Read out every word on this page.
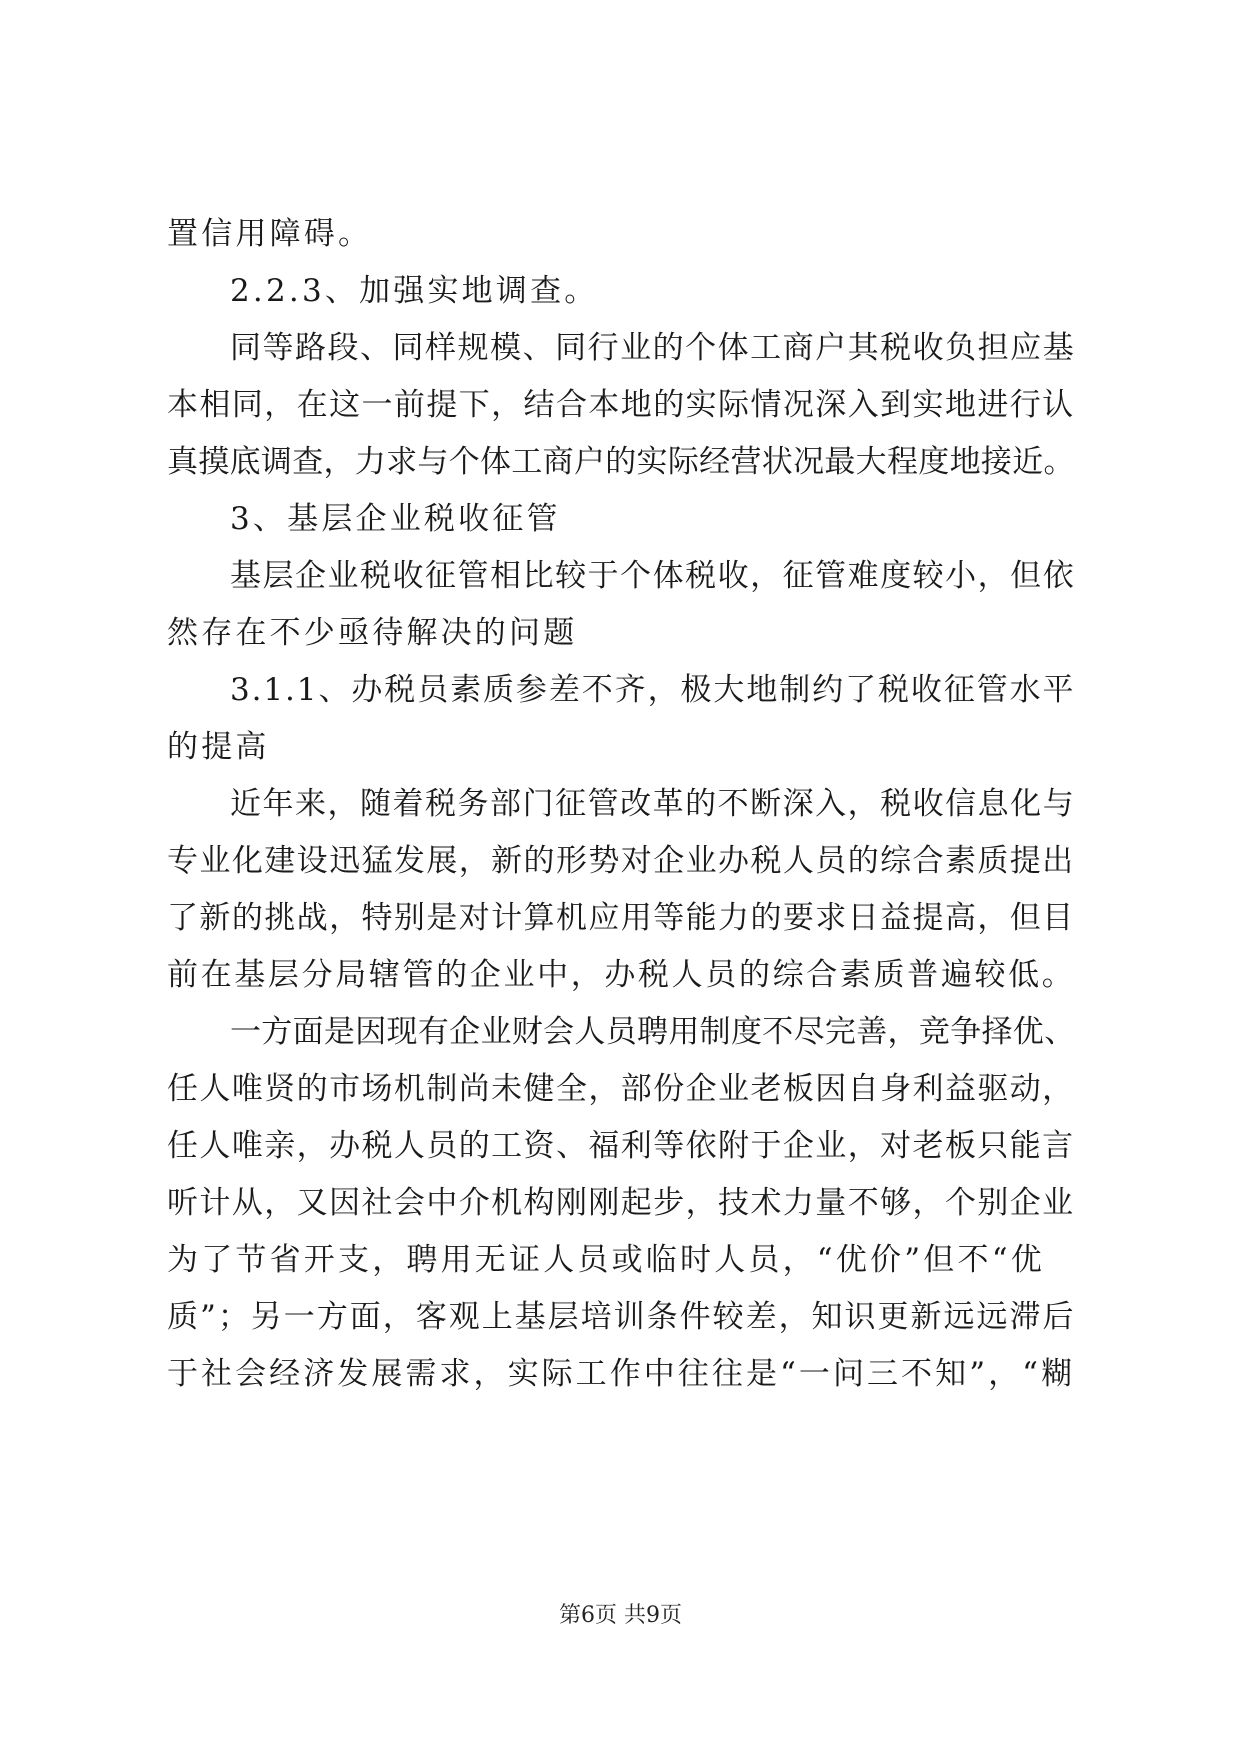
置信用障碍。
2.2.3、加强实地调查。
同等路段、同样规模、同行业的个体工商户其税收负担应基
本相同，在这一前提下，结合本地的实际情况深入到实地进行认
真摸底调查，力求与个体工商户的实际经营状况最大程度地接近。
3、基层企业税收征管
基层企业税收征管相比较于个体税收，征管难度较小，但依
然存在不少亟待解决的问题
3.1.1、办税员素质参差不齐，极大地制约了税收征管水平
的提高
近年来，随着税务部门征管改革的不断深入，税收信息化与
专业化建设迅猛发展，新的形势对企业办税人员的综合素质提出
了新的挑战，特别是对计算机应用等能力的要求日益提高，但目
前在基层分局辖管的企业中，办税人员的综合素质普遍较低。
一方面是因现有企业财会人员聘用制度不尽完善，竞争择优、
任人唯贤的市场机制尚未健全，部份企业老板因自身利益驱动，
任人唯亲，办税人员的工资、福利等依附于企业，对老板只能言
听计从，又因社会中介机构刚刚起步，技术力量不够，个别企业
为了节省开支，聘用无证人员或临时人员，“优价”但不“优
质”；另一方面，客观上基层培训条件较差，知识更新远远滞后
于社会经济发展需求，实际工作中往往是“一问三不知”，“糊
第6页 共9页
